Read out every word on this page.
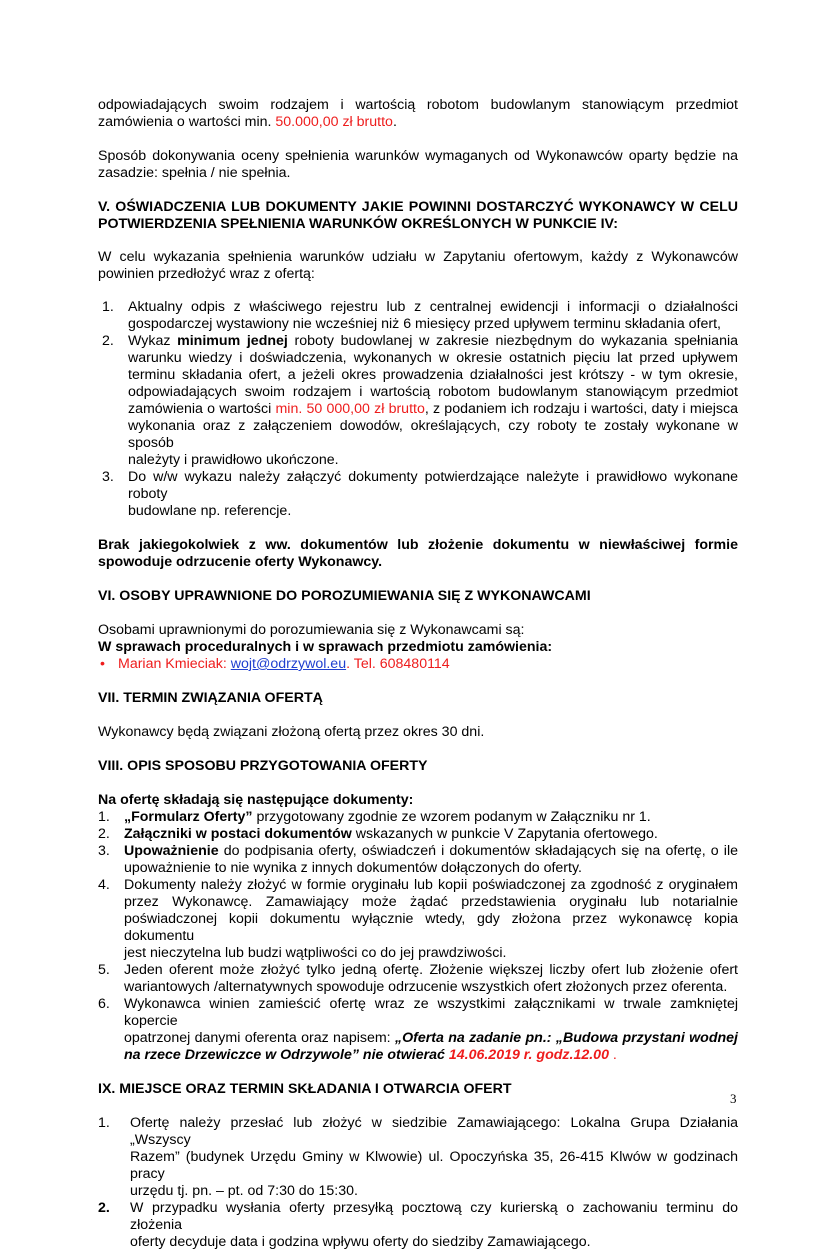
odpowiadających swoim rodzajem i wartością robotom budowlanym stanowiącym przedmiot

zamówienia o wartości min. 50.000,00 zł brutto.

Sposób dokonywania oceny spełnienia warunków wymaganych od Wykonawców oparty będzie na

zasadzie: spełnia / nie spełnia.

V. OŚWIADCZENIA LUB DOKUMENTY JAKIE POWINNI DOSTARCZYĆ WYKONAWCY W CELU

POTWIERDZENIA SPEŁNIENIA WARUNKÓW OKREŚLONYCH W PUNKCIE IV:

W celu wykazania spełnienia warunków udziału w Zapytaniu ofertowym, każdy z Wykonawców

powinien przedłożyć wraz z ofertą:

1. Aktualny odpis z właściwego rejestru lub z centralnej ewidencji i informacji o działalności

gospodarczej wystawiony nie wcześniej niż 6 miesięcy przed upływem terminu składania ofert,

2. Wykaz minimum jednej roboty budowlanej w zakresie niezbędnym do wykazania spełniania

warunku wiedzy i doświadczenia, wykonanych w okresie ostatnich pięciu lat przed upływem

terminu składania ofert, a jeżeli okres prowadzenia działalności jest krótszy - w tym okresie,

odpowiadających swoim rodzajem i wartością robotom budowlanym stanowiącym przedmiot

zamówienia o wartości min. 50 000,00 zł brutto, z podaniem ich rodzaju i wartości, daty i miejsca

wykonania oraz z załączeniem dowodów, określających, czy roboty te zostały wykonane w sposób

należyty i prawidłowo ukończone.

3. Do w/w wykazu należy załączyć dokumenty potwierdzające należyte i prawidłowo wykonane roboty

budowlane np. referencje.

Brak jakiegokolwiek z ww. dokumentów lub złożenie dokumentu w niewłaściwej formie

spowoduje odrzucenie oferty Wykonawcy.

VI. OSOBY UPRAWNIONE DO POROZUMIEWANIA SIĘ Z WYKONAWCAMI

Osobami uprawnionymi do porozumiewania się z Wykonawcami są:

W sprawach proceduralnych i w sprawach przedmiotu zamówienia:

• Marian Kmieciak: wojt@odrzywol.eu. Tel. 608480114

VII. TERMIN ZWIĄZANIA OFERTĄ

Wykonawcy będą związani złożoną ofertą przez okres 30 dni.

VIII. OPIS SPOSOBU PRZYGOTOWANIA OFERTY

Na ofertę składają się następujące dokumenty:

1. „Formularz Oferty” przygotowany zgodnie ze wzorem podanym w Załączniku nr 1.

2. Załączniki w postaci dokumentów wskazanych w punkcie V Zapytania ofertowego.

3. Upoważnienie do podpisania oferty, oświadczeń i dokumentów składających się na ofertę, o ile

upoważnienie to nie wynika z innych dokumentów dołączonych do oferty.

4. Dokumenty należy złożyć w formie oryginału lub kopii poświadczonej za zgodność z oryginałem

przez Wykonawcę. Zamawiający może żądać przedstawienia oryginału lub notarialnie

poświadczonej kopii dokumentu wyłącznie wtedy, gdy złożona przez wykonawcę kopia dokumentu

jest nieczytelna lub budzi wątpliwości co do jej prawdziwości.

5. Jeden oferent może złożyć tylko jedną ofertę. Złożenie większej liczby ofert lub złożenie ofert

wariantowych /alternatywnych spowoduje odrzucenie wszystkich ofert złożonych przez oferenta.

6. Wykonawca winien zamieścić ofertę wraz ze wszystkimi załącznikami w trwale zamkniętej kopercie

opatrzonej danymi oferenta oraz napisem: „Oferta na zadanie pn.: „Budowa przystani wodnej

na rzece Drzewiczce w Odrzywole” nie otwierać 14.06.2019 r. godz.12.00 .

IX. MIEJSCE ORAZ TERMIN SKŁADANIA I OTWARCIA OFERT

1. Ofertę należy przesłać lub złożyć w siedzibie Zamawiającego: Lokalna Grupa Działania „Wszyscy

Razem” (budynek Urzędu Gminy w Klwowie) ul. Opoczyńska 35, 26-415 Klwów w godzinach pracy

urzędu tj. pn. – pt. od 7:30 do 15:30.

2. W przypadku wysłania oferty przesyłką pocztową czy kurierską o zachowaniu terminu do złożenia

oferty decyduje data i godzina wpływu oferty do siedziby Zamawiającego.

3
